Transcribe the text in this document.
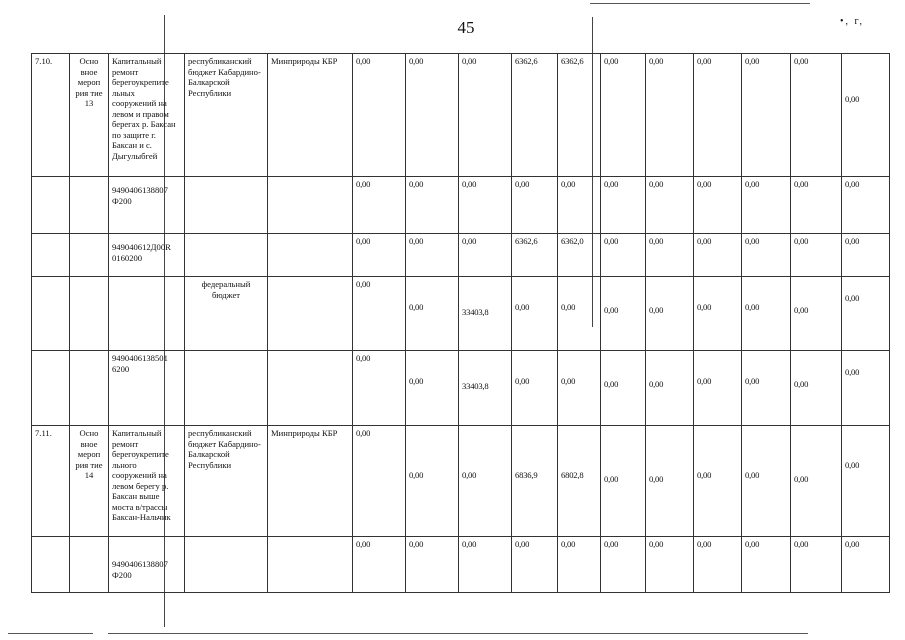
45	•, г,
7.10.	Осно вное мероп рия тие 13	Капитальный ремонт берегоукрепите льных сооружений на левом и правом берегах р. Баксан по защите г. Баксан и с. Дыгулыбгей	республиканский бюджет Кабардино-Балкарской Республики	Минприроды КБР	0,00	0,00	0,00	6362,6	6362,6	0,00	0,00	0,00	0,00	0,00	0,00

		9490406138807 Ф200			0,00	0,00	0,00	0,00	0,00	0,00	0,00	0,00	0,00	0,00	0,00

		949040612Д00R 0160200			0,00	0,00	0,00	6362,6	6362,0	0,00	0,00	0,00	0,00	0,00	0,00

			федеральный бюджет		0,00	0,00	33403,8	0,00	0,00	0,00	0,00	0,00	0,00	0,00	0,00

		9490406138501 6200			0,00	0,00	33403,8	0,00	0,00	0,00	0,00	0,00	0,00	0,00	0,00

7.11.	Осно вное мероп рия тие 14	Капитальный ремонт берегоукрепите льного сооружений на левом берегу р. Баксан выше моста в/трассы Баксан-Нальчик	республиканский бюджет Кабардино-Балкарской Республики	Минприроды КБР	0,00	0,00	0,00	6836,9	6802,8	0,00	0,00	0,00	0,00	0,00	0,00

		9490406138807 Ф200			0,00	0,00	0,00	0,00	0,00	0,00	0,00	0,00	0,00	0,00	0,00
